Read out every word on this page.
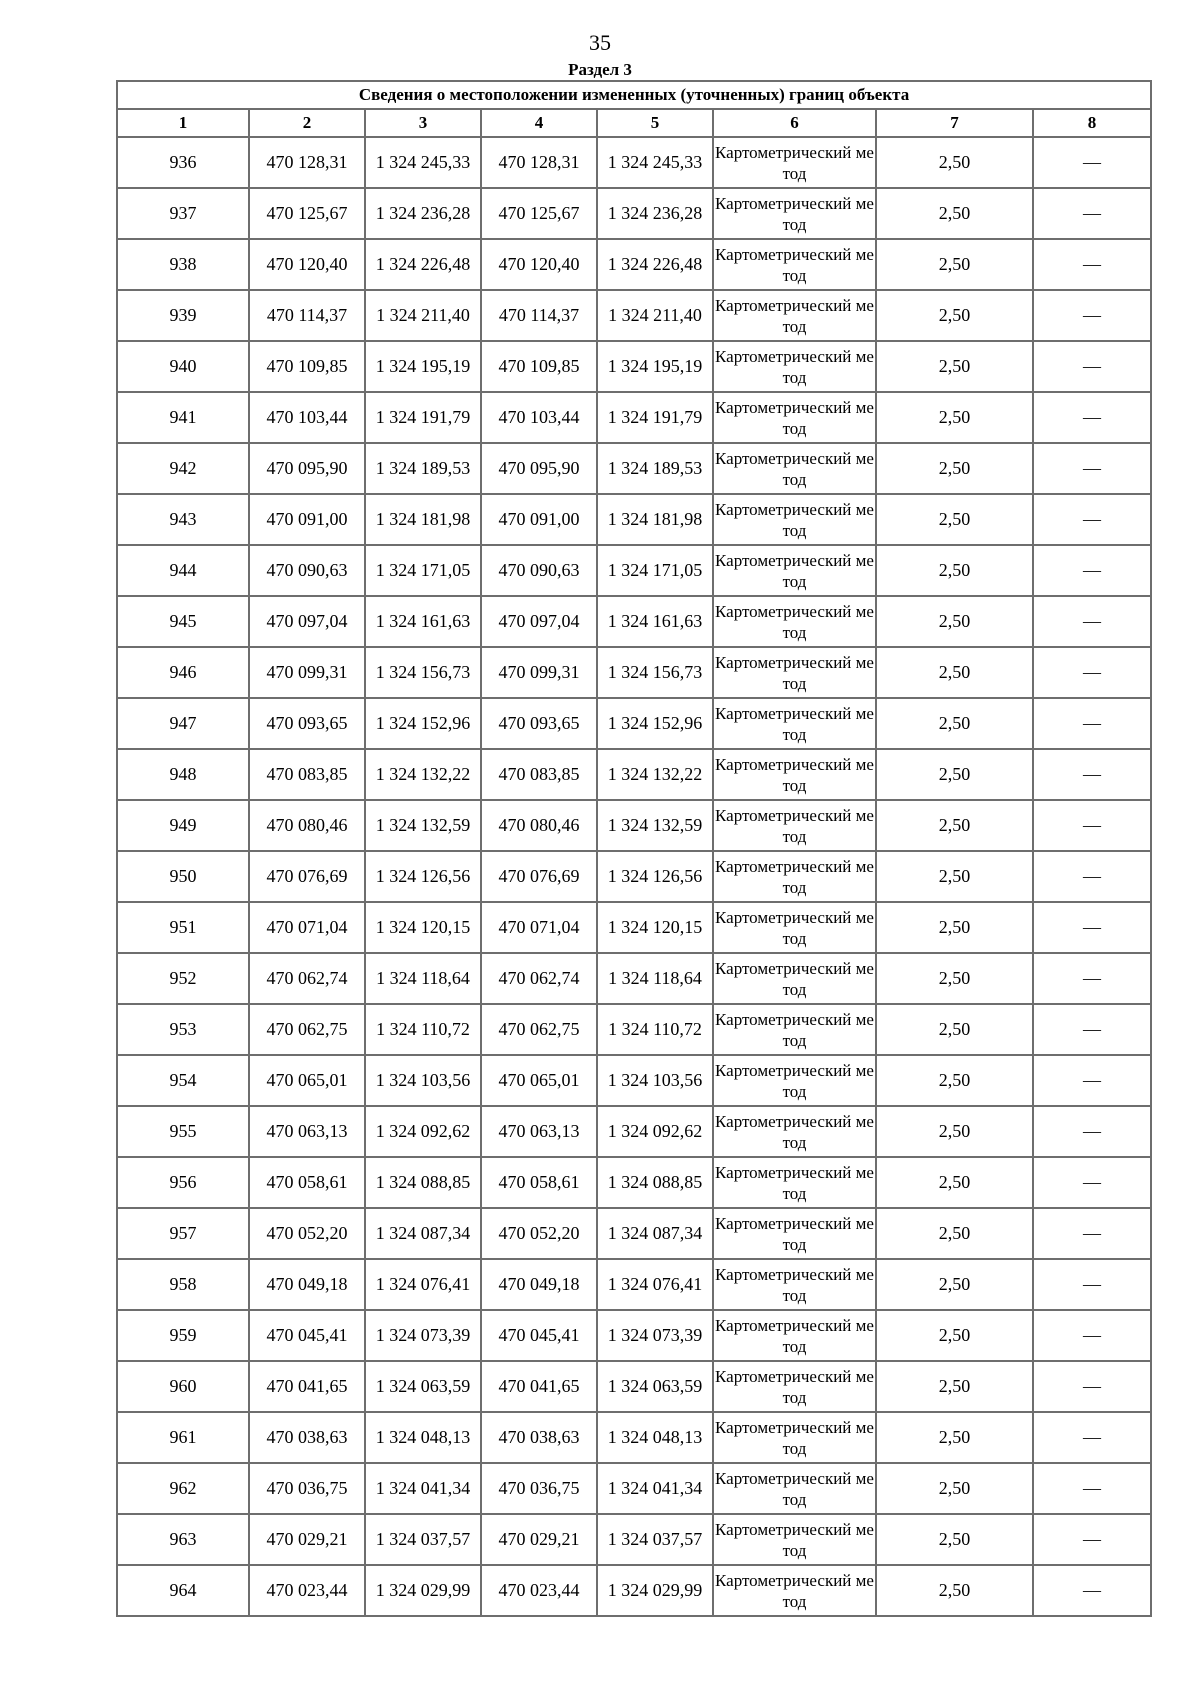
35
Раздел 3
Сведения о местоположении измененных (уточненных) границ объекта							
1	2	3	4	5	6	7	8
936	470 128,31	1 324 245,33	470 128,31	1 324 245,33	Картометрический метод	2,50	—
937	470 125,67	1 324 236,28	470 125,67	1 324 236,28	Картометрический метод	2,50	—
938	470 120,40	1 324 226,48	470 120,40	1 324 226,48	Картометрический метод	2,50	—
939	470 114,37	1 324 211,40	470 114,37	1 324 211,40	Картометрический метод	2,50	—
940	470 109,85	1 324 195,19	470 109,85	1 324 195,19	Картометрический метод	2,50	—
941	470 103,44	1 324 191,79	470 103,44	1 324 191,79	Картометрический метод	2,50	—
942	470 095,90	1 324 189,53	470 095,90	1 324 189,53	Картометрический метод	2,50	—
943	470 091,00	1 324 181,98	470 091,00	1 324 181,98	Картометрический метод	2,50	—
944	470 090,63	1 324 171,05	470 090,63	1 324 171,05	Картометрический метод	2,50	—
945	470 097,04	1 324 161,63	470 097,04	1 324 161,63	Картометрический метод	2,50	—
946	470 099,31	1 324 156,73	470 099,31	1 324 156,73	Картометрический метод	2,50	—
947	470 093,65	1 324 152,96	470 093,65	1 324 152,96	Картометрический метод	2,50	—
948	470 083,85	1 324 132,22	470 083,85	1 324 132,22	Картометрический метод	2,50	—
949	470 080,46	1 324 132,59	470 080,46	1 324 132,59	Картометрический метод	2,50	—
950	470 076,69	1 324 126,56	470 076,69	1 324 126,56	Картометрический метод	2,50	—
951	470 071,04	1 324 120,15	470 071,04	1 324 120,15	Картометрический метод	2,50	—
952	470 062,74	1 324 118,64	470 062,74	1 324 118,64	Картометрический метод	2,50	—
953	470 062,75	1 324 110,72	470 062,75	1 324 110,72	Картометрический метод	2,50	—
954	470 065,01	1 324 103,56	470 065,01	1 324 103,56	Картометрический метод	2,50	—
955	470 063,13	1 324 092,62	470 063,13	1 324 092,62	Картометрический метод	2,50	—
956	470 058,61	1 324 088,85	470 058,61	1 324 088,85	Картометрический метод	2,50	—
957	470 052,20	1 324 087,34	470 052,20	1 324 087,34	Картометрический метод	2,50	—
958	470 049,18	1 324 076,41	470 049,18	1 324 076,41	Картометрический метод	2,50	—
959	470 045,41	1 324 073,39	470 045,41	1 324 073,39	Картометрический метод	2,50	—
960	470 041,65	1 324 063,59	470 041,65	1 324 063,59	Картометрический метод	2,50	—
961	470 038,63	1 324 048,13	470 038,63	1 324 048,13	Картометрический метод	2,50	—
962	470 036,75	1 324 041,34	470 036,75	1 324 041,34	Картометрический метод	2,50	—
963	470 029,21	1 324 037,57	470 029,21	1 324 037,57	Картометрический метод	2,50	—
964	470 023,44	1 324 029,99	470 023,44	1 324 029,99	Картометрический метод	2,50	—
